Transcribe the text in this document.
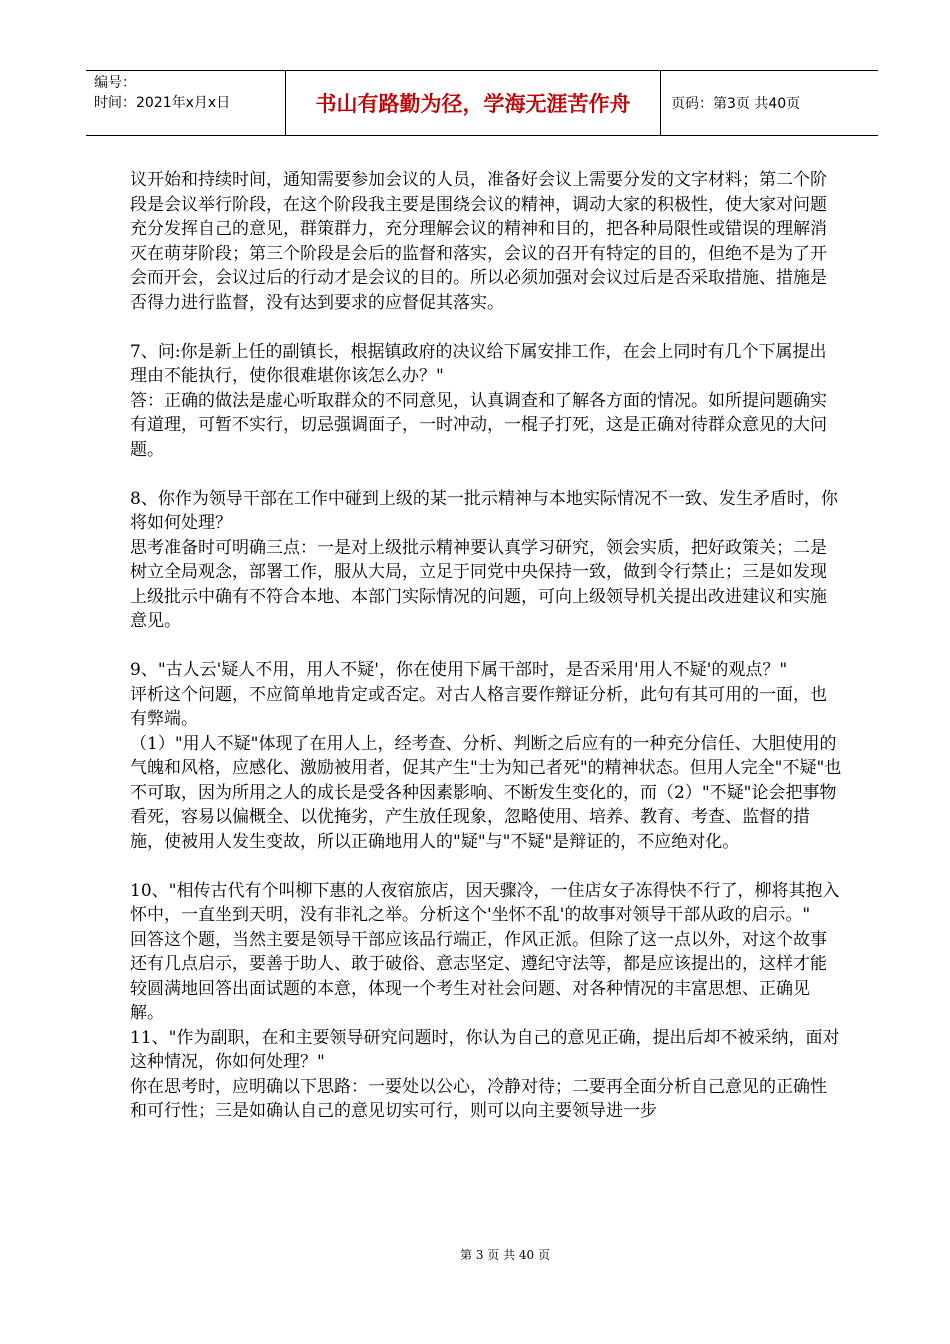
编号：
时间：2021年x月x日	书山有路勤为径，学海无涯苦作舟	页码：第3页 共40页

议开始和持续时间，通知需要参加会议的人员，准备好会议上需要分发的文字材料；第二个阶段是会议举行阶段，在这个阶段我主要是围绕会议的精神，调动大家的积极性，使大家对问题充分发挥自己的意见，群策群力，充分理解会议的精神和目的，把各种局限性或错误的理解消灭在萌芽阶段；第三个阶段是会后的监督和落实，会议的召开有特定的目的，但绝不是为了开会而开会，会议过后的行动才是会议的目的。所以必须加强对会议过后是否采取措施、措施是否得力进行监督，没有达到要求的应督促其落实。

7、问:你是新上任的副镇长，根据镇政府的决议给下属安排工作，在会上同时有几个下属提出理由不能执行，使你很难堪你该怎么办？"

答：正确的做法是虚心听取群众的不同意见，认真调查和了解各方面的情况。如所提问题确实有道理，可暂不实行，切忌强调面子，一时冲动，一棍子打死，这是正确对待群众意见的大问题。

8、你作为领导干部在工作中碰到上级的某一批示精神与本地实际情况不一致、发生矛盾时，你将如何处理？

思考准备时可明确三点：一是对上级批示精神要认真学习研究，领会实质，把好政策关；二是树立全局观念，部署工作，服从大局，立足于同党中央保持一致，做到令行禁止；三是如发现上级批示中确有不符合本地、本部门实际情况的问题，可向上级领导机关提出改进建议和实施意见。

9、"古人云'疑人不用，用人不疑'，你在使用下属干部时，是否采用'用人不疑'的观点？"

评析这个问题，不应简单地肯定或否定。对古人格言要作辩证分析，此句有其可用的一面，也有弊端。

（1）"用人不疑"体现了在用人上，经考查、分析、判断之后应有的一种充分信任、大胆使用的气魄和风格，应感化、激励被用者，促其产生"士为知己者死"的精神状态。但用人完全"不疑"也不可取，因为所用之人的成长是受各种因素影响、不断发生变化的，而（2）"不疑"论会把事物看死，容易以偏概全、以优掩劣，产生放任现象，忽略使用、培养、教育、考查、监督的措施，使被用人发生变故，所以正确地用人的"疑"与"不疑"是辩证的，不应绝对化。

10、"相传古代有个叫柳下惠的人夜宿旅店，因天骤冷，一住店女子冻得快不行了，柳将其抱入怀中，一直坐到天明，没有非礼之举。分析这个'坐怀不乱'的故事对领导干部从政的启示。"

回答这个题，当然主要是领导干部应该品行端正，作风正派。但除了这一点以外，对这个故事还有几点启示，要善于助人、敢于破俗、意志坚定、遵纪守法等，都是应该提出的，这样才能较圆满地回答出面试题的本意，体现一个考生对社会问题、对各种情况的丰富思想、正确见解。

11、"作为副职，在和主要领导研究问题时，你认为自己的意见正确，提出后却不被采纳，面对这种情况，你如何处理？"

你在思考时，应明确以下思路：一要处以公心，冷静对待；二要再全面分析自己意见的正确性和可行性；三是如确认自己的意见切实可行，则可以向主要领导进一步

第 3 页 共 40 页
